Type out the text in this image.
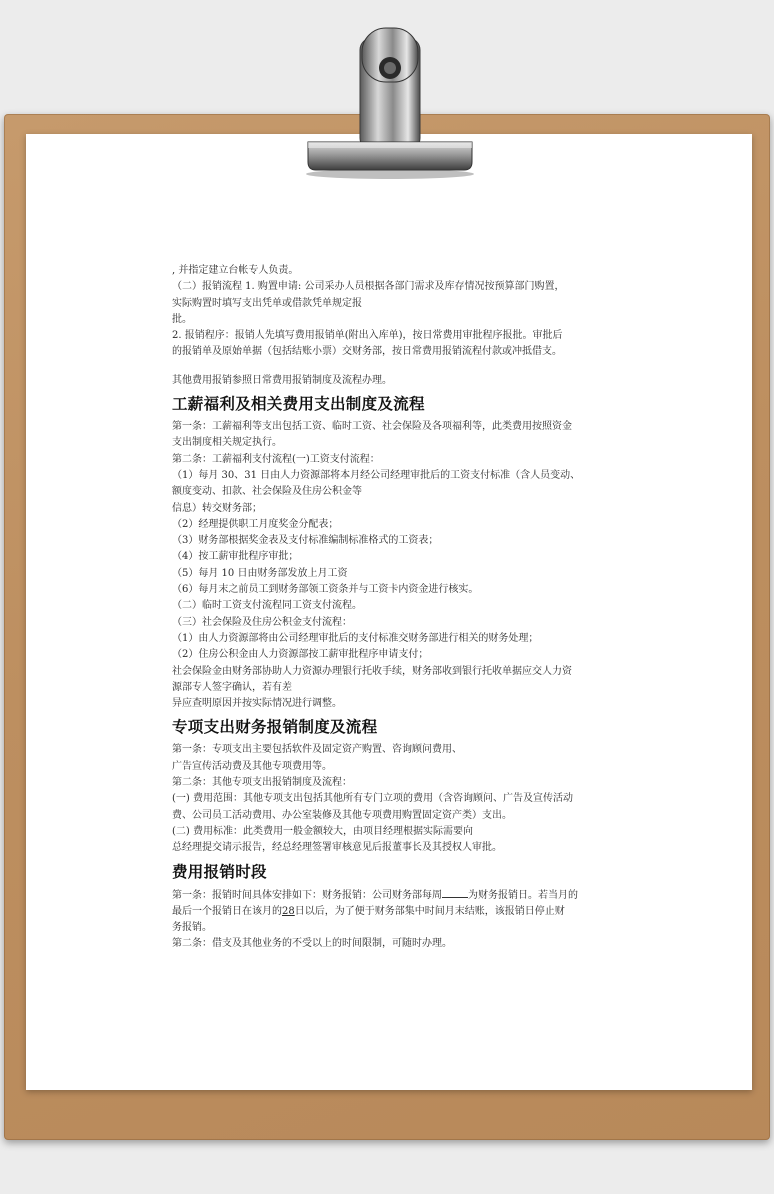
, 并指定建立台帐专人负责。

（二）报销流程 1. 购置申请: 公司采办人员根据各部门需求及库存情况按预算部门购置，

实际购置时填写支出凭单或借款凭单规定报

批。

2. 报销程序：报销人先填写费用报销单(附出入库单)，按日常费用审批程序报批。审批后

的报销单及原始单据（包括结账小票）交财务部，按日常费用报销流程付款或冲抵借支。

其他费用报销参照日常费用报销制度及流程办理。

工薪福利及相关费用支出制度及流程

第一条：工薪福利等支出包括工资、临时工资、社会保险及各项福利等，此类费用按照资金

支出制度相关规定执行。

第二条：工薪福利支付流程(一)工资支付流程：

（1）每月 30、31 日由人力资源部将本月经公司经理审批后的工资支付标准（含人员变动、

额度变动、扣款、社会保险及住房公积金等

信息）转交财务部；

（2）经理提供职工月度奖金分配表；

（3）财务部根据奖金表及支付标准编制标准格式的工资表；

（4）按工薪审批程序审批；

（5）每月 10 日由财务部发放上月工资

（6）每月末之前员工到财务部领工资条并与工资卡内资金进行核实。

（二）临时工资支付流程同工资支付流程。

（三）社会保险及住房公积金支付流程：

（1）由人力资源部将由公司经理审批后的支付标准交财务部进行相关的财务处理；

（2）住房公积金由人力资源部按工薪审批程序申请支付；

社会保险金由财务部协助人力资源办理银行托收手续，财务部收到银行托收单据应交人力资

源部专人签字确认，若有差

异应查明原因并按实际情况进行调整。

专项支出财务报销制度及流程

第一条：专项支出主要包括软件及固定资产购置、咨询顾问费用、

广告宣传活动费及其他专项费用等。

第二条：其他专项支出报销制度及流程：

(一) 费用范围：其他专项支出包括其他所有专门立项的费用（含咨询顾问、广告及宣传活动

费、公司员工活动费用、办公室装修及其他专项费用购置固定资产类）支出。

(二) 费用标准：此类费用一般金额较大，由项目经理根据实际需要向

总经理提交请示报告，经总经理签署审核意见后报董事长及其授权人审批。

费用报销时段

第一条：报销时间具体安排如下：财务报销：公司财务部每周	为财务报销日。若当月的

最后一个报销日在该月的28日以后，为了便于财务部集中时间月末结账，该报销日停止财

务报销。

第二条：借支及其他业务的不受以上的时间限制，可随时办理。
